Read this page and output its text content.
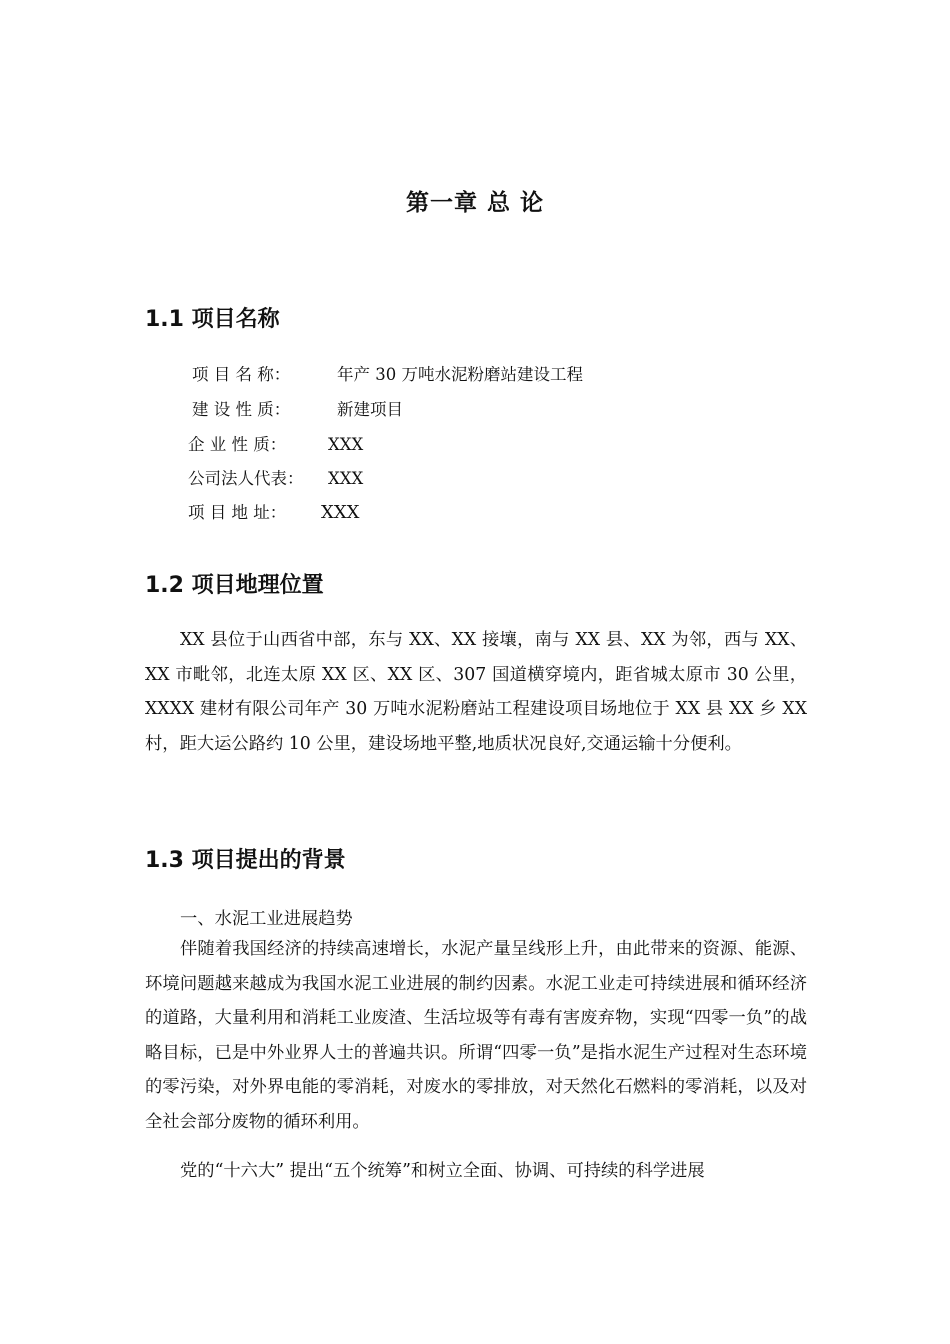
第一章 总 论
1.1 项目名称
项 目 名 称：	年产 30 万吨水泥粉磨站建设工程
建 设 性 质：	新建项目
企 业 性 质：	XXX
公司法人代表： XXX
项 目 地 址： XXX
1.2 项目地理位置

XX 县位于山西省中部，东与 XX、XX 接壤，南与 XX 县、XX 为邻，西与 XX、XX 市毗邻，北连太原 XX 区、XX 区、307 国道横穿境内，距省城太原市 30 公里，XXXX 建材有限公司年产 30 万吨水泥粉磨站工程建设项目场地位于 XX 县 XX 乡 XX 村，距大运公路约 10 公里，建设场地平整,地质状况良好,交通运输十分便利。

1.3 项目提出的背景

一、水泥工业进展趋势

伴随着我国经济的持续高速增长，水泥产量呈线形上升，由此带来的资源、能源、环境问题越来越成为我国水泥工业进展的制约因素。水泥工业走可持续进展和循环经济的道路，大量利用和消耗工业废渣、生活垃圾等有毒有害废弃物，实现“四零一负”的战略目标，已是中外业界人士的普遍共识。所谓“四零一负”是指水泥生产过程对生态环境的零污染，对外界电能的零消耗，对废水的零排放，对天然化石燃料的零消耗，以及对全社会部分废物的循环利用。

党的“十六大” 提出“五个统筹”和树立全面、协调、可持续的科学进展
